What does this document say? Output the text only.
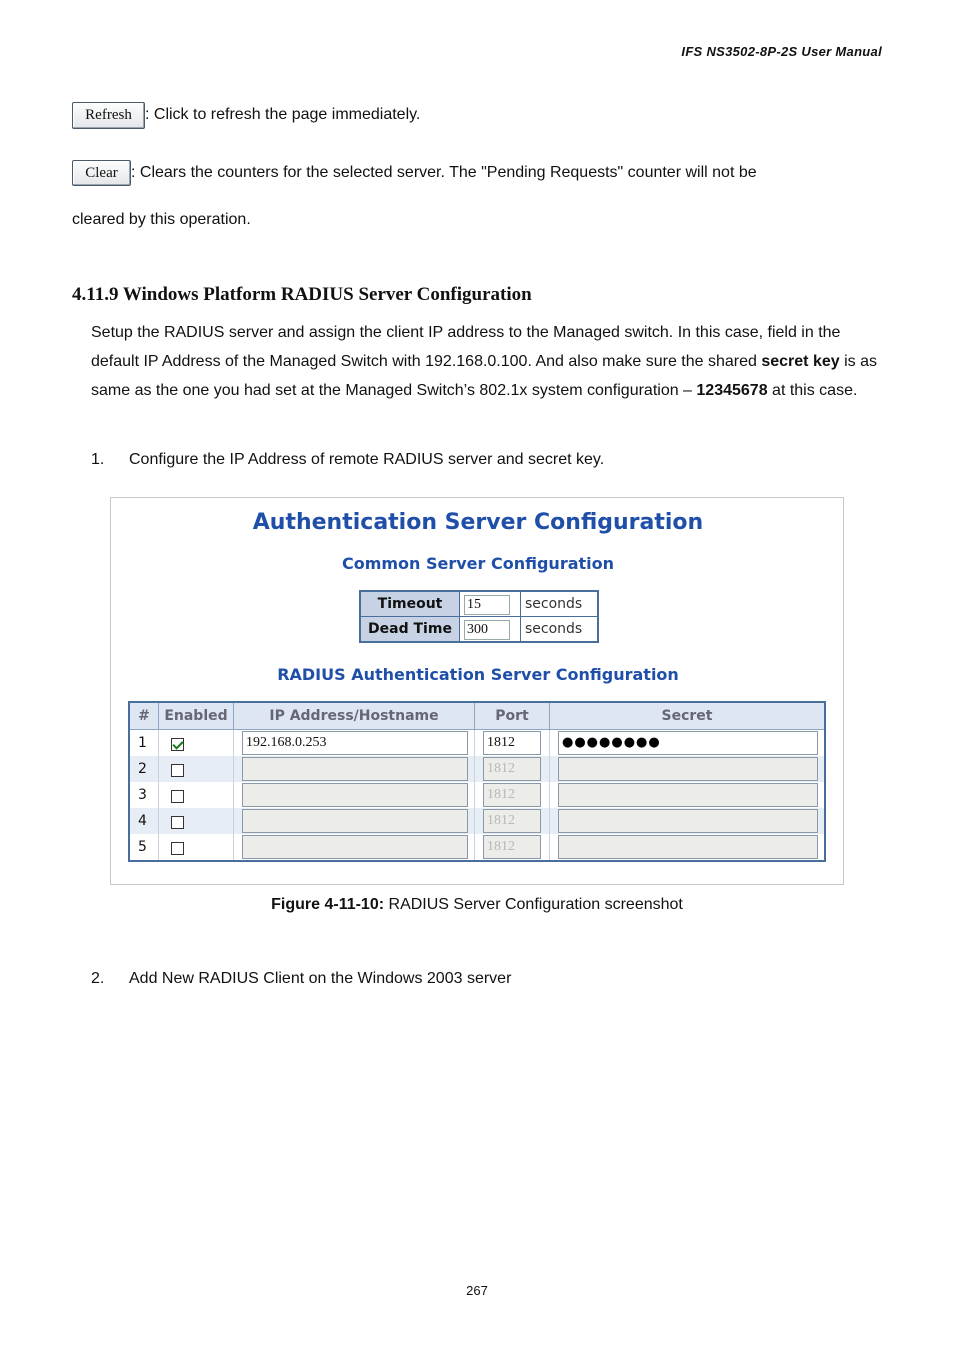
IFS NS3502-8P-2S User Manual
Refresh : Click to refresh the page immediately.
Clear : Clears the counters for the selected server. The "Pending Requests" counter will not be
cleared by this operation.
4.11.9 Windows Platform RADIUS Server Configuration
Setup the RADIUS server and assign the client IP address to the Managed switch. In this case, field in the default IP Address of the Managed Switch with 192.168.0.100. And also make sure the shared secret key is as same as the one you had set at the Managed Switch’s 802.1x system configuration – 12345678 at this case.
1. Configure the IP Address of remote RADIUS server and secret key.
Authentication Server Configuration
Common Server Configuration
Timeout	15	seconds
Dead Time	300	seconds
RADIUS Authentication Server Configuration
#	Enabled	IP Address/Hostname	Port	Secret
1		192.168.0.253	1812	●●●●●●●●
2			1812	
3			1812	
4			1812	
5			1812	
Figure 4-11-10: RADIUS Server Configuration screenshot
2. Add New RADIUS Client on the Windows 2003 server
267
